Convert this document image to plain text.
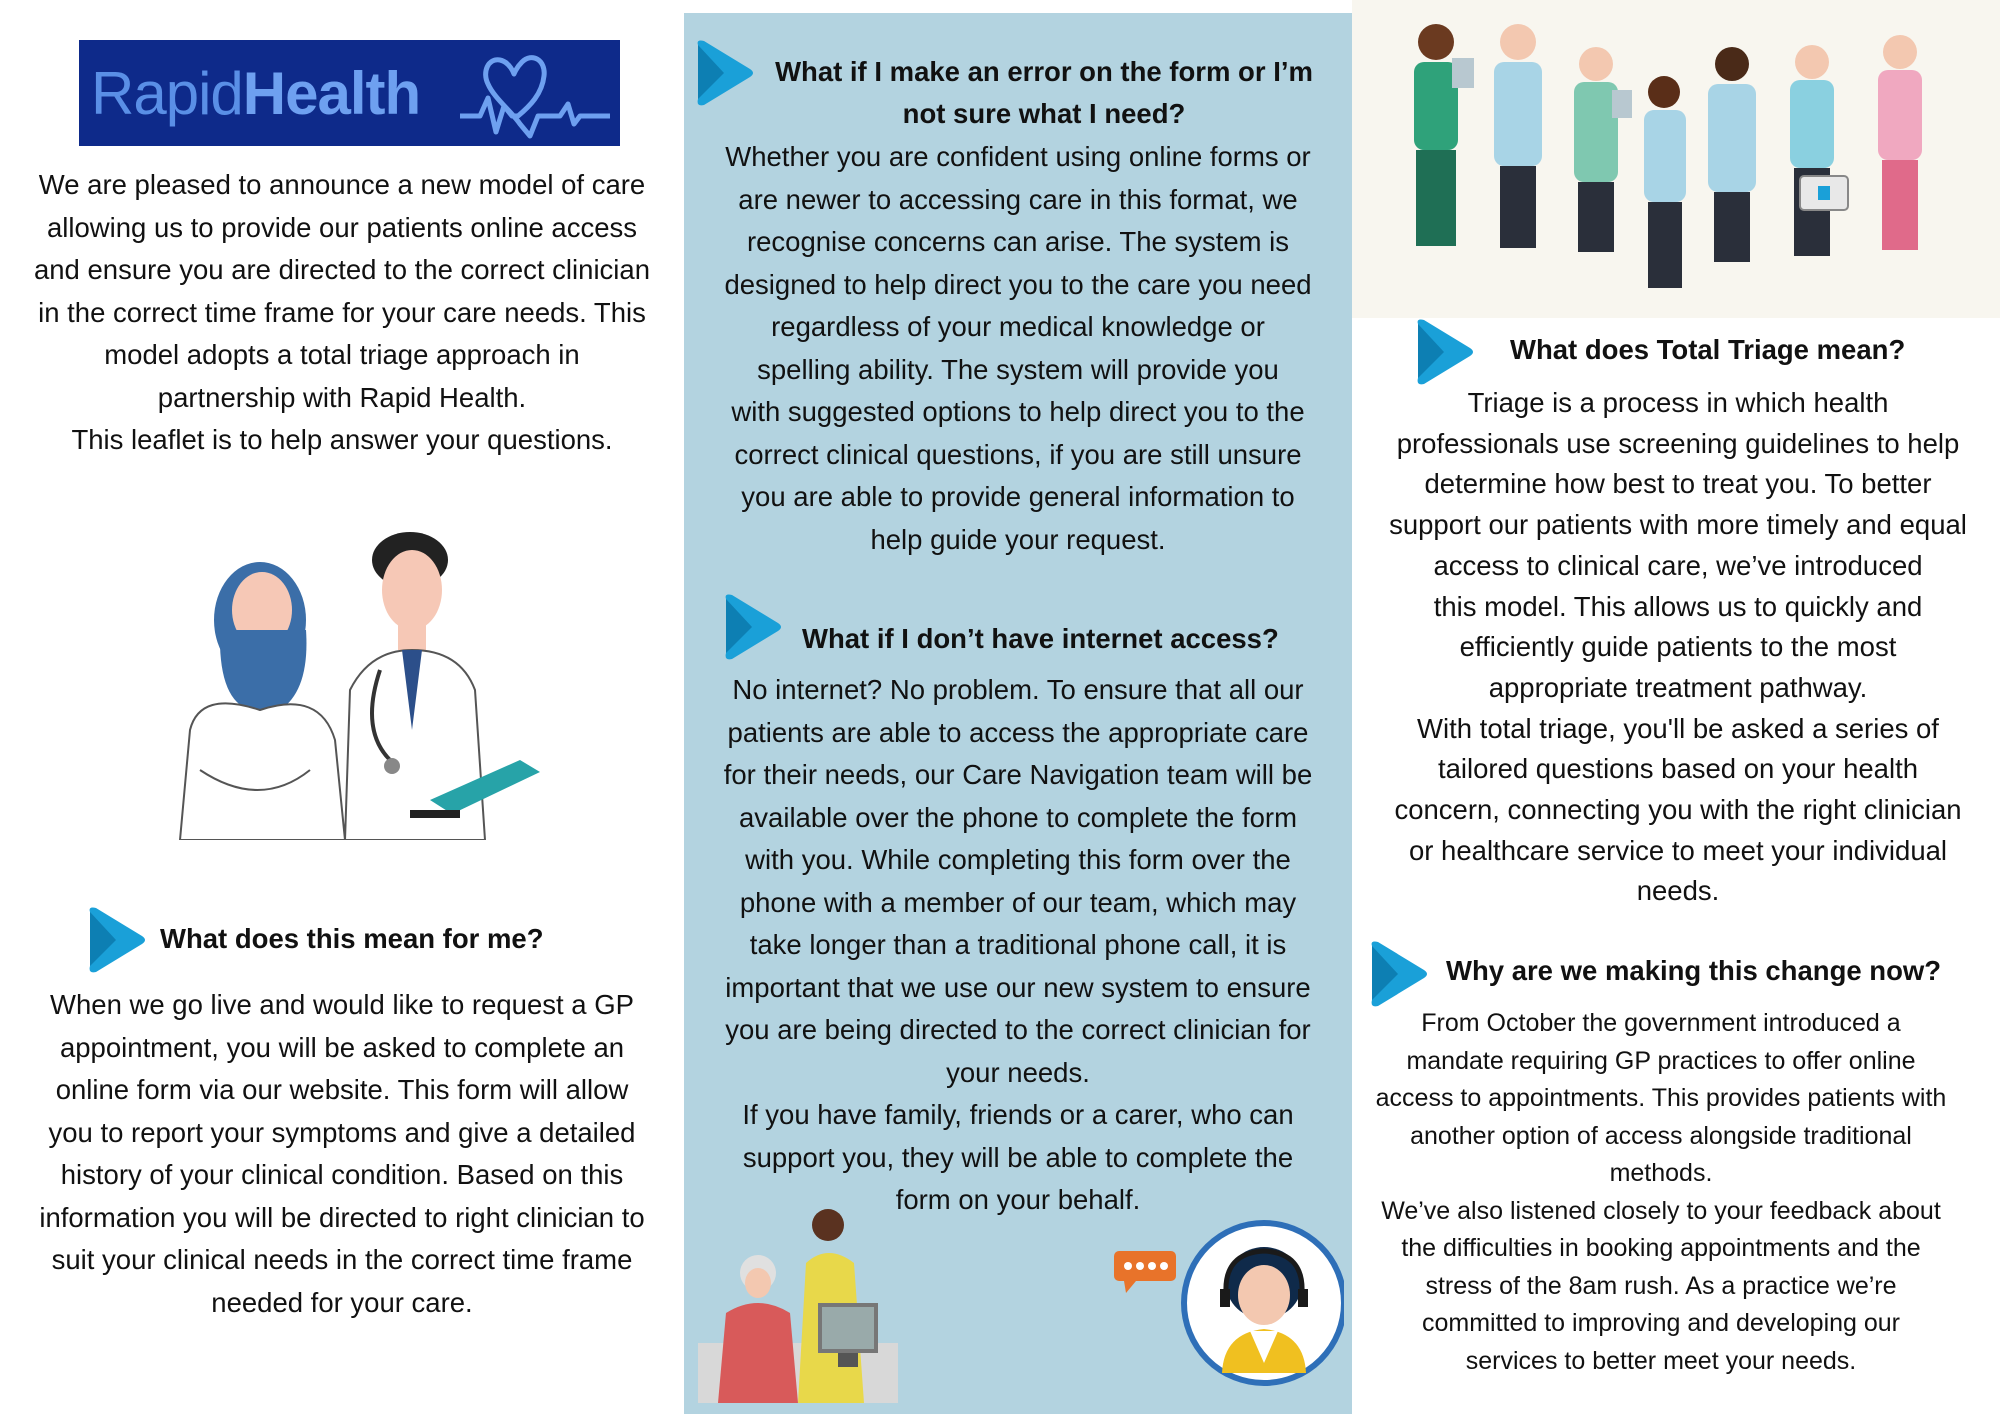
RapidHealth
We are pleased to announce a new model of care
allowing us to provide our patients online access
and ensure you are directed to the correct clinician
in the correct time frame for your care needs. This
model adopts a total triage approach in
partnership with Rapid Health.
This leaflet is to help answer your questions.
What does this mean for me?
When we go live and would like to request a GP
appointment, you will be asked to complete an
online form via our website. This form will allow
you to report your symptoms and give a detailed
history of your clinical condition. Based on this
information you will be directed to right clinician to
suit your clinical needs in the correct time frame
needed for your care.
What if I make an error on the form or I’m
not sure what I need?
Whether you are confident using online forms or
are newer to accessing care in this format, we
recognise concerns can arise. The system is
designed to help direct you to the care you need
regardless of your medical knowledge or
spelling ability. The system will provide you
with suggested options to help direct you to the
correct clinical questions, if you are still unsure
you are able to provide general information to
help guide your request.
What if I don’t have internet access?
No internet? No problem. To ensure that all our
patients are able to access the appropriate care
for their needs, our Care Navigation team will be
available over the phone to complete the form
with you. While completing this form over the
phone with a member of our team, which may
take longer than a traditional phone call, it is
important that we use our new system to ensure
you are being directed to the correct clinician for
your needs.
If you have family, friends or a carer, who can
support you, they will be able to complete the
form on your behalf.
What does Total Triage mean?
Triage is a process in which health
professionals use screening guidelines to help
determine how best to treat you. To better
support our patients with more timely and equal
access to clinical care, we’ve introduced
this model. This allows us to quickly and
efficiently guide patients to the most
appropriate treatment pathway.
With total triage, you'll be asked a series of
tailored questions based on your health
concern, connecting you with the right clinician
or healthcare service to meet your individual
needs.
Why are we making this change now?
From October the government introduced a
mandate requiring GP practices to offer online
access to appointments. This provides patients with
another option of access alongside traditional
methods.
We’ve also listened closely to your feedback about
the difficulties in booking appointments and the
stress of the 8am rush. As a practice we’re
committed to improving and developing our
services to better meet your needs.
